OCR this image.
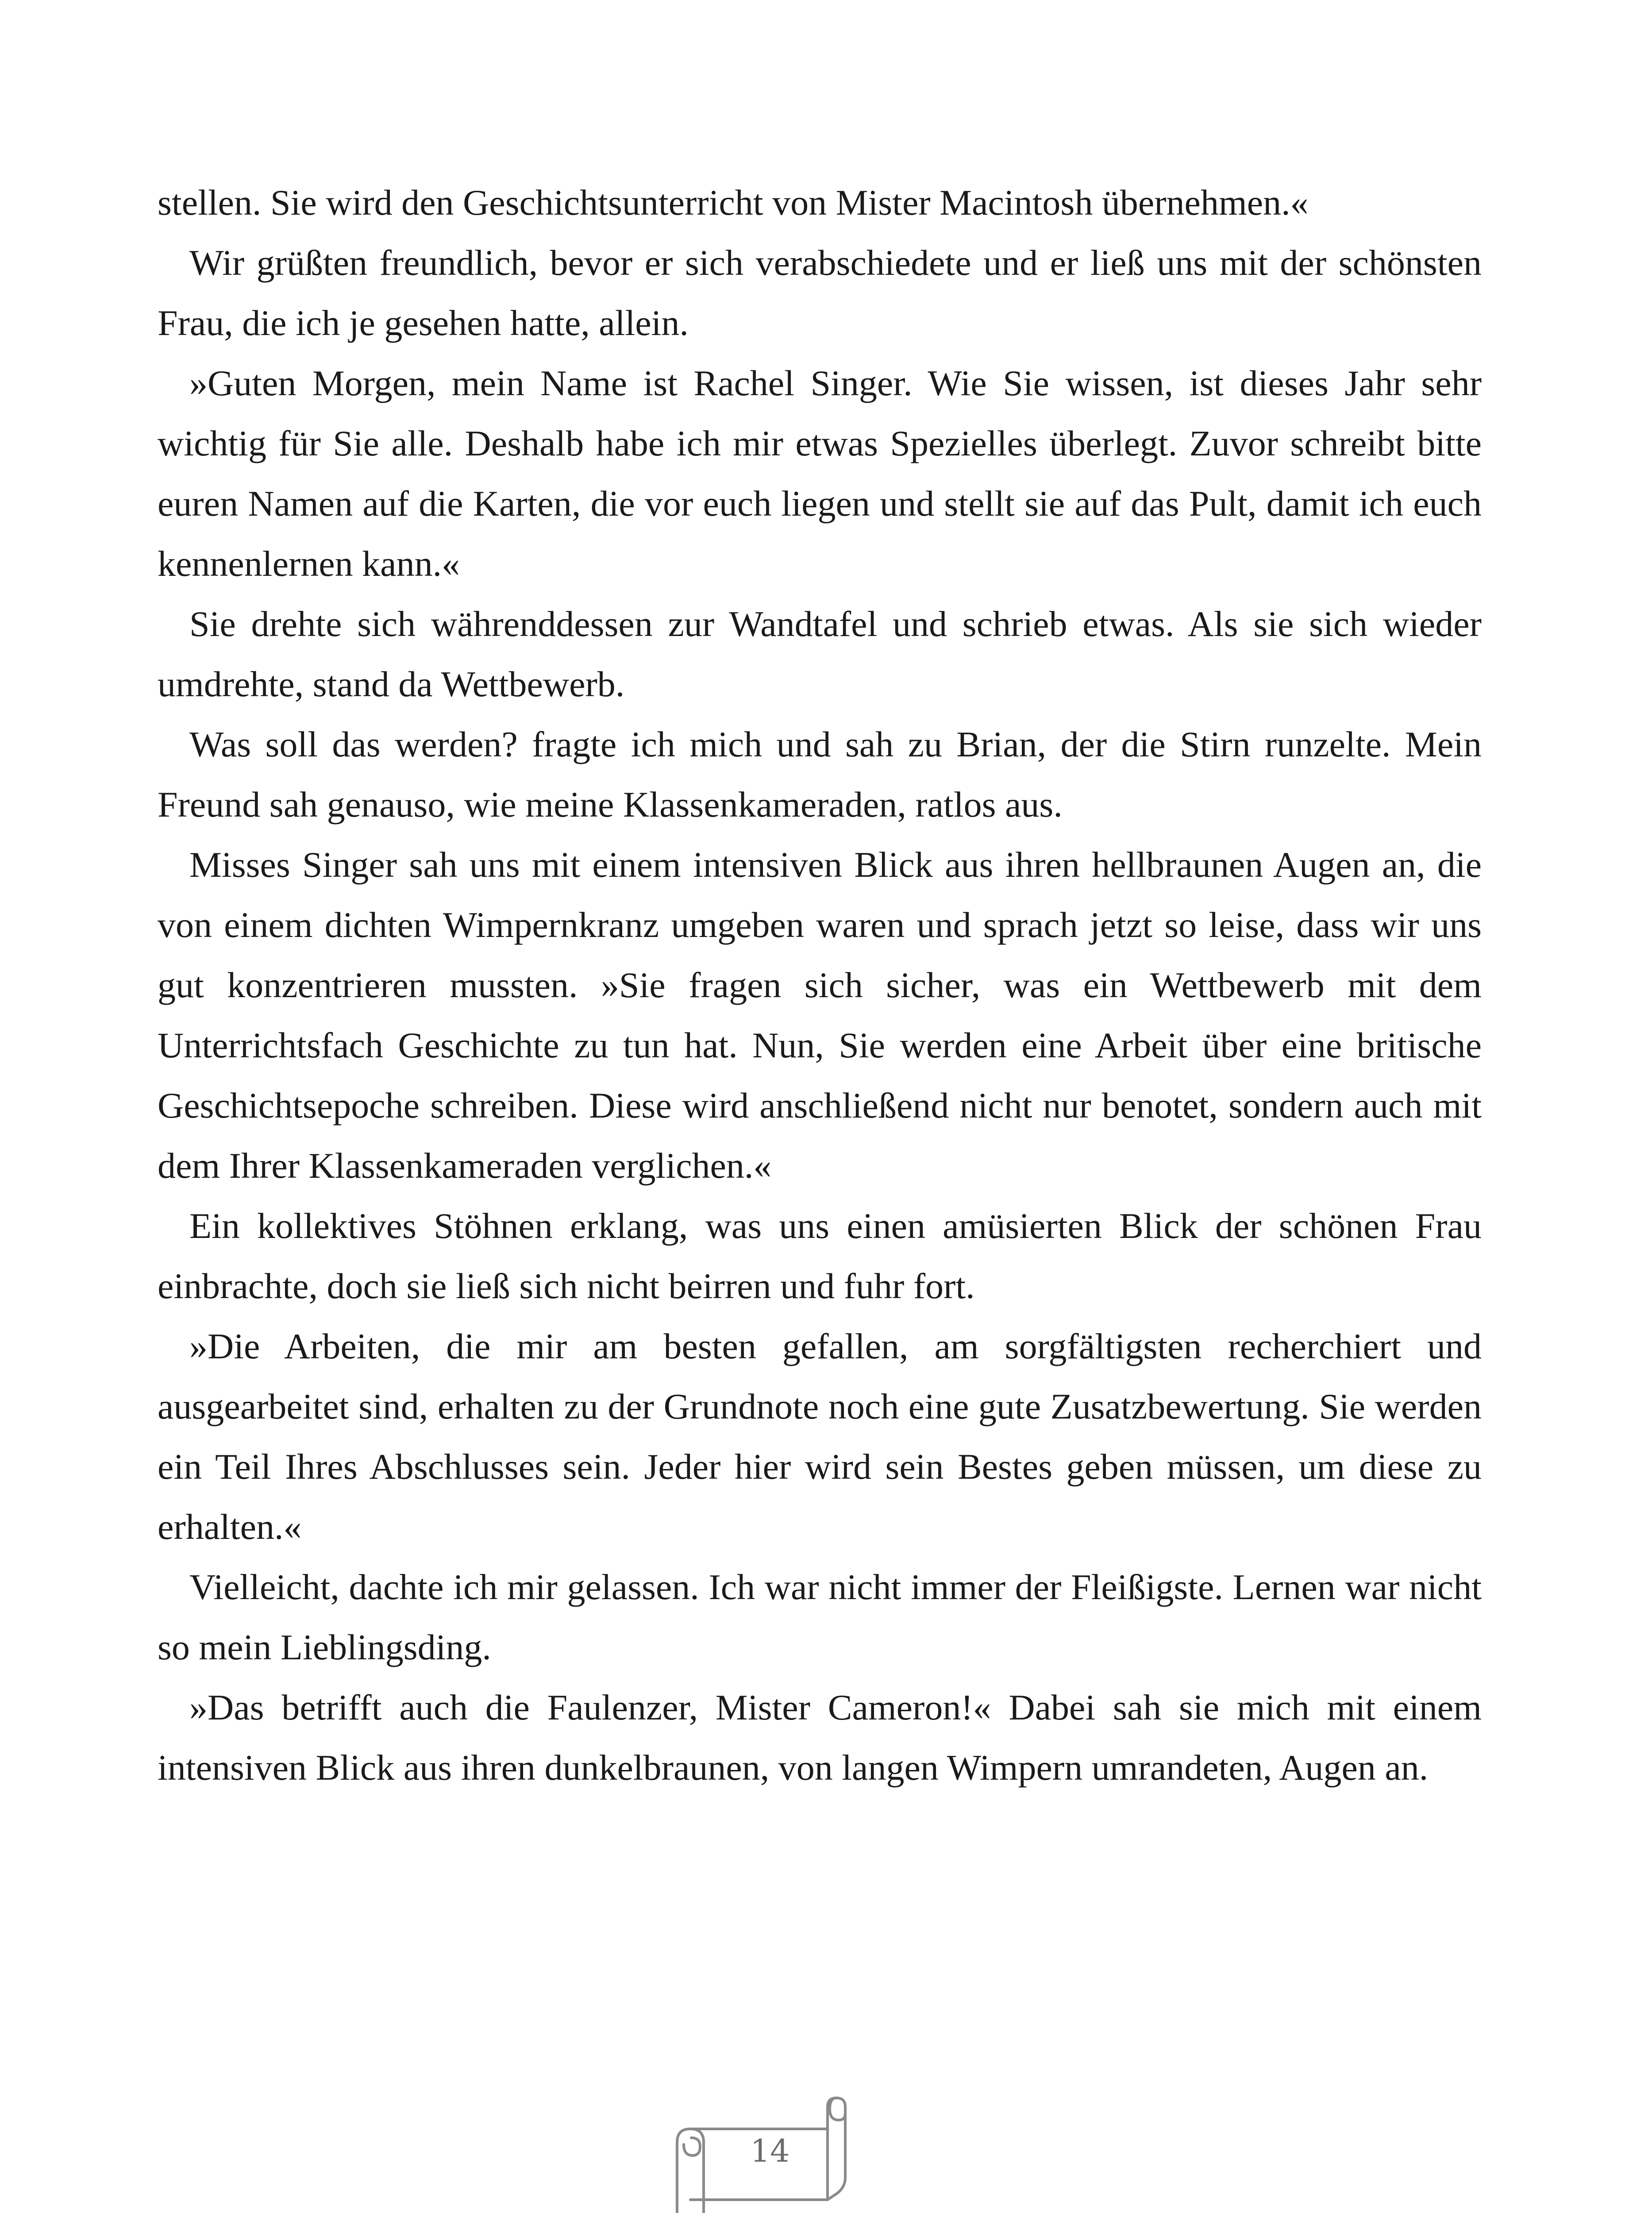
stellen. Sie wird den Geschichtsunterricht von Mister Macintosh übernehmen.«

Wir grüßten freundlich, bevor er sich verabschiedete und er ließ uns mit der schönsten Frau, die ich je gesehen hatte, allein.

»Guten Morgen, mein Name ist Rachel Singer. Wie Sie wissen, ist dieses Jahr sehr wichtig für Sie alle. Deshalb habe ich mir etwas Spezielles überlegt. Zuvor schreibt bitte euren Namen auf die Karten, die vor euch liegen und stellt sie auf das Pult, damit ich euch kennenlernen kann.«

Sie drehte sich währenddessen zur Wandtafel und schrieb etwas. Als sie sich wieder umdrehte, stand da Wettbewerb.

Was soll das werden? fragte ich mich und sah zu Brian, der die Stirn runzelte. Mein Freund sah genauso, wie meine Klassenkameraden, ratlos aus.

Misses Singer sah uns mit einem intensiven Blick aus ihren hellbraunen Augen an, die von einem dichten Wimpernkranz umgeben waren und sprach jetzt so leise, dass wir uns gut konzentrieren mussten. »Sie fragen sich sicher, was ein Wettbewerb mit dem Unterrichtsfach Geschichte zu tun hat. Nun, Sie werden eine Arbeit über eine britische Geschichtsepoche schreiben. Diese wird anschließend nicht nur benotet, sondern auch mit dem Ihrer Klassenkameraden verglichen.«

Ein kollektives Stöhnen erklang, was uns einen amüsierten Blick der schönen Frau einbrachte, doch sie ließ sich nicht beirren und fuhr fort.

»Die Arbeiten, die mir am besten gefallen, am sorgfältigsten recherchiert und ausgearbeitet sind, erhalten zu der Grundnote noch eine gute Zusatzbewertung. Sie werden ein Teil Ihres Abschlusses sein. Jeder hier wird sein Bestes geben müssen, um diese zu erhalten.«

Vielleicht, dachte ich mir gelassen. Ich war nicht immer der Fleißigste. Lernen war nicht so mein Lieblingsding.

»Das betrifft auch die Faulenzer, Mister Cameron!« Dabei sah sie mich mit einem intensiven Blick aus ihren dunkelbraunen, von langen Wimpern umrandeten, Augen an.

14
